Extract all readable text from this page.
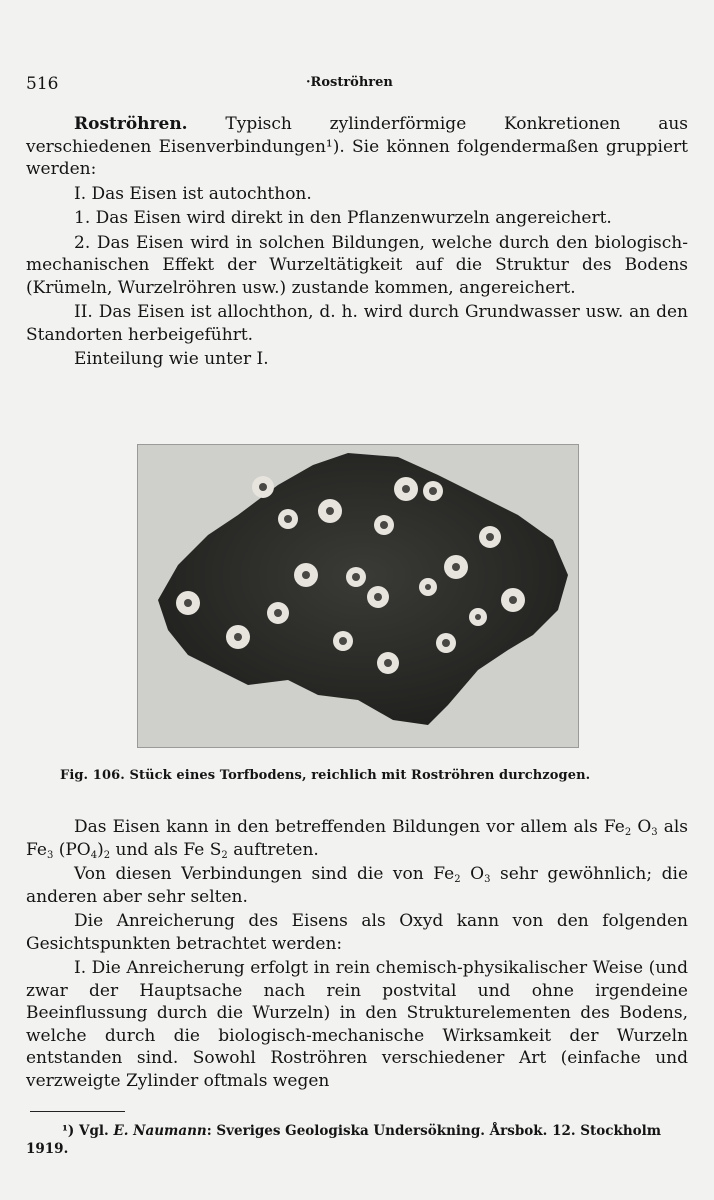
516	·Roströhren

Roströhren. Typisch zylinderförmige Konkretionen aus verschiedenen Eisenverbindungen¹). Sie können folgendermaßen gruppiert werden:

I. Das Eisen ist autochthon.

1. Das Eisen wird direkt in den Pflanzenwurzeln angereichert.

2. Das Eisen wird in solchen Bildungen, welche durch den biologisch-mechanischen Effekt der Wurzeltätigkeit auf die Struktur des Bodens (Krümeln, Wurzelröhren usw.) zustande kommen, angereichert.

II. Das Eisen ist allochthon, d. h. wird durch Grundwasser usw. an den Standorten herbeigeführt.

Einteilung wie unter I.

Fig. 106. Stück eines Torfbodens, reichlich mit Roströhren durchzogen.

Das Eisen kann in den betreffenden Bildungen vor allem als $Fe_2$ $O_3$ als $Fe_3$ $(PO_4)_2$ und als Fe $S_2$ auftreten.

Von diesen Verbindungen sind die von $Fe_2$ $O_3$ sehr gewöhnlich; die anderen aber sehr selten.

Die Anreicherung des Eisens als Oxyd kann von den folgenden Gesichtspunkten betrachtet werden:

I. Die Anreicherung erfolgt in rein chemisch-physikalischer Weise (und zwar der Hauptsache nach rein postvital und ohne irgendeine Beeinflussung durch die Wurzeln) in den Strukturelementen des Bodens, welche durch die biologisch-mechanische Wirksamkeit der Wurzeln entstanden sind. Sowohl Roströhren verschiedener Art (einfache und verzweigte Zylinder oftmals wegen

¹) Vgl. E. Naumann: Sveriges Geologiska Undersökning. Årsbok. 12. Stockholm 1919.
